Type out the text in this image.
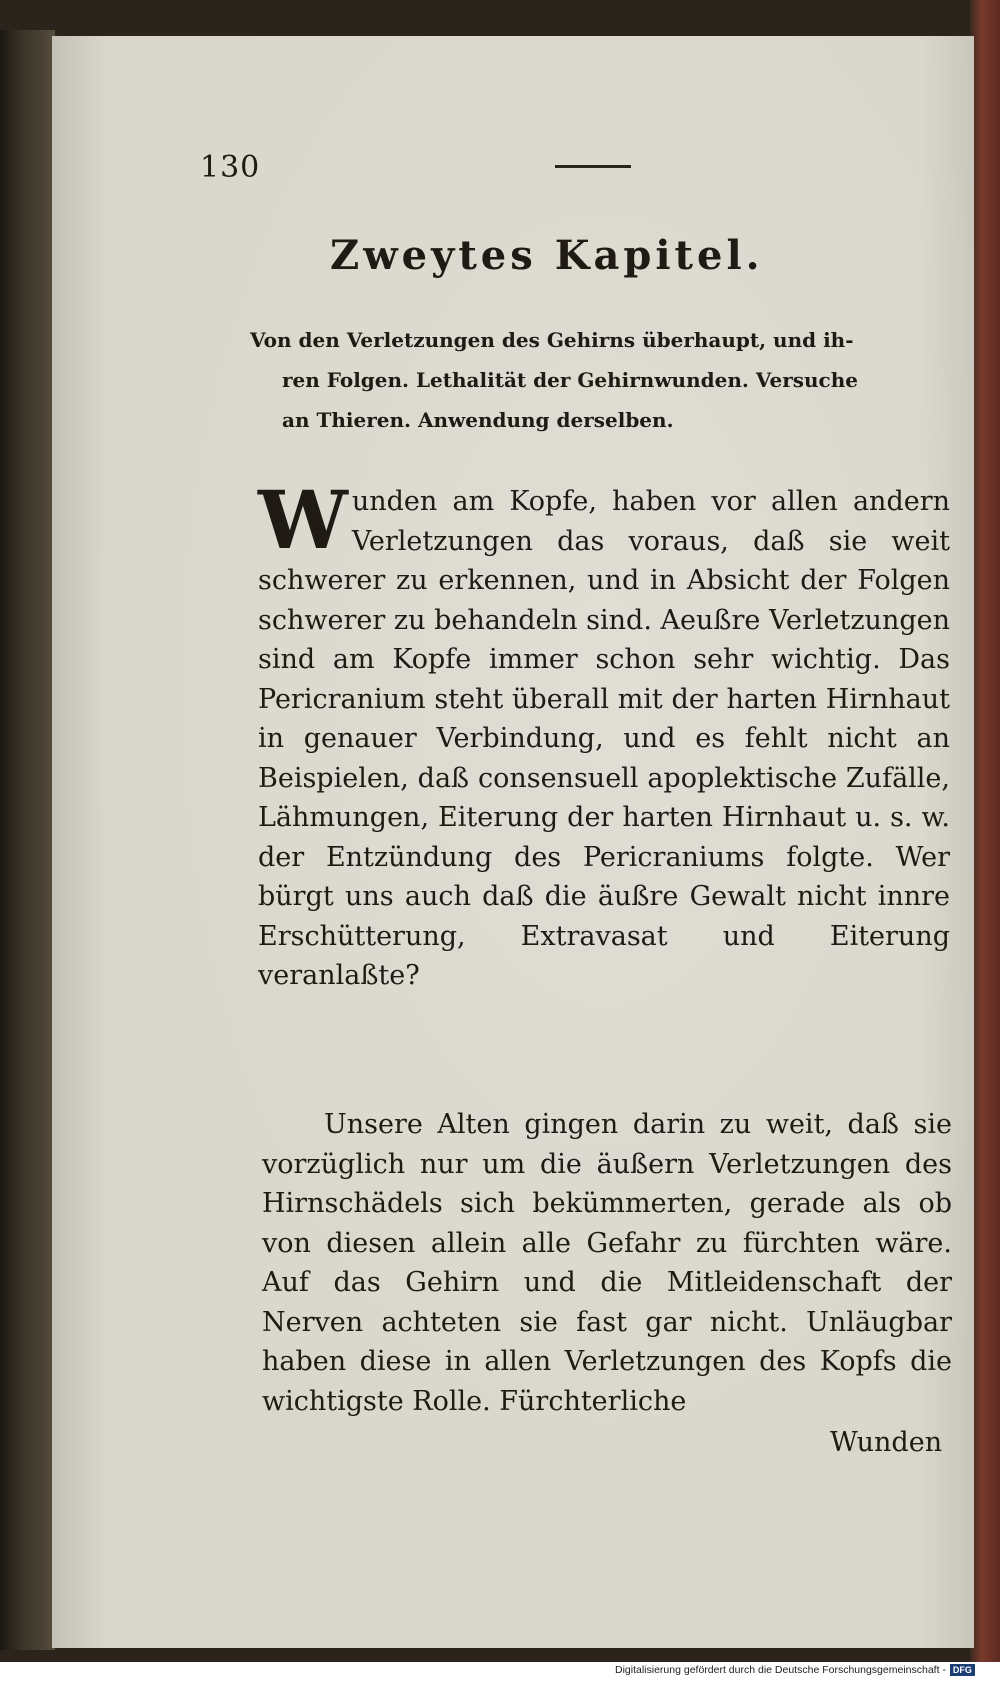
130
Zweytes Kapitel.
Von den Verletzungen des Gehirns überhaupt, und ih-
ren Folgen. Lethalität der Gehirnwunden. Versuche
an Thieren. Anwendung derselben.
Wunden am Kopfe, haben vor allen andern Verletzungen das voraus, daß sie weit schwerer zu erkennen, und in Absicht der Folgen schwerer zu behandeln sind. Aeußre Verletzungen sind am Kopfe immer schon sehr wichtig. Das Pericranium steht überall mit der harten Hirnhaut in genauer Verbindung, und es fehlt nicht an Beispielen, daß consensuell apoplektische Zufälle, Lähmungen, Eiterung der harten Hirnhaut u. s. w. der Entzündung des Pericraniums folgte. Wer bürgt uns auch daß die äußre Gewalt nicht innre Erschütterung, Extravasat und Eiterung veranlaßte?
Unsere Alten gingen darin zu weit, daß sie vorzüglich nur um die äußern Verletzungen des Hirnschädels sich bekümmerten, gerade als ob von diesen allein alle Gefahr zu fürchten wäre. Auf das Gehirn und die Mitleidenschaft der Nerven achteten sie fast gar nicht. Unläugbar haben diese in allen Verletzungen des Kopfs die wichtigste Rolle. Fürchterliche
Wunden
Digitalisierung gefördert durch die Deutsche Forschungsgemeinschaft - DFG
